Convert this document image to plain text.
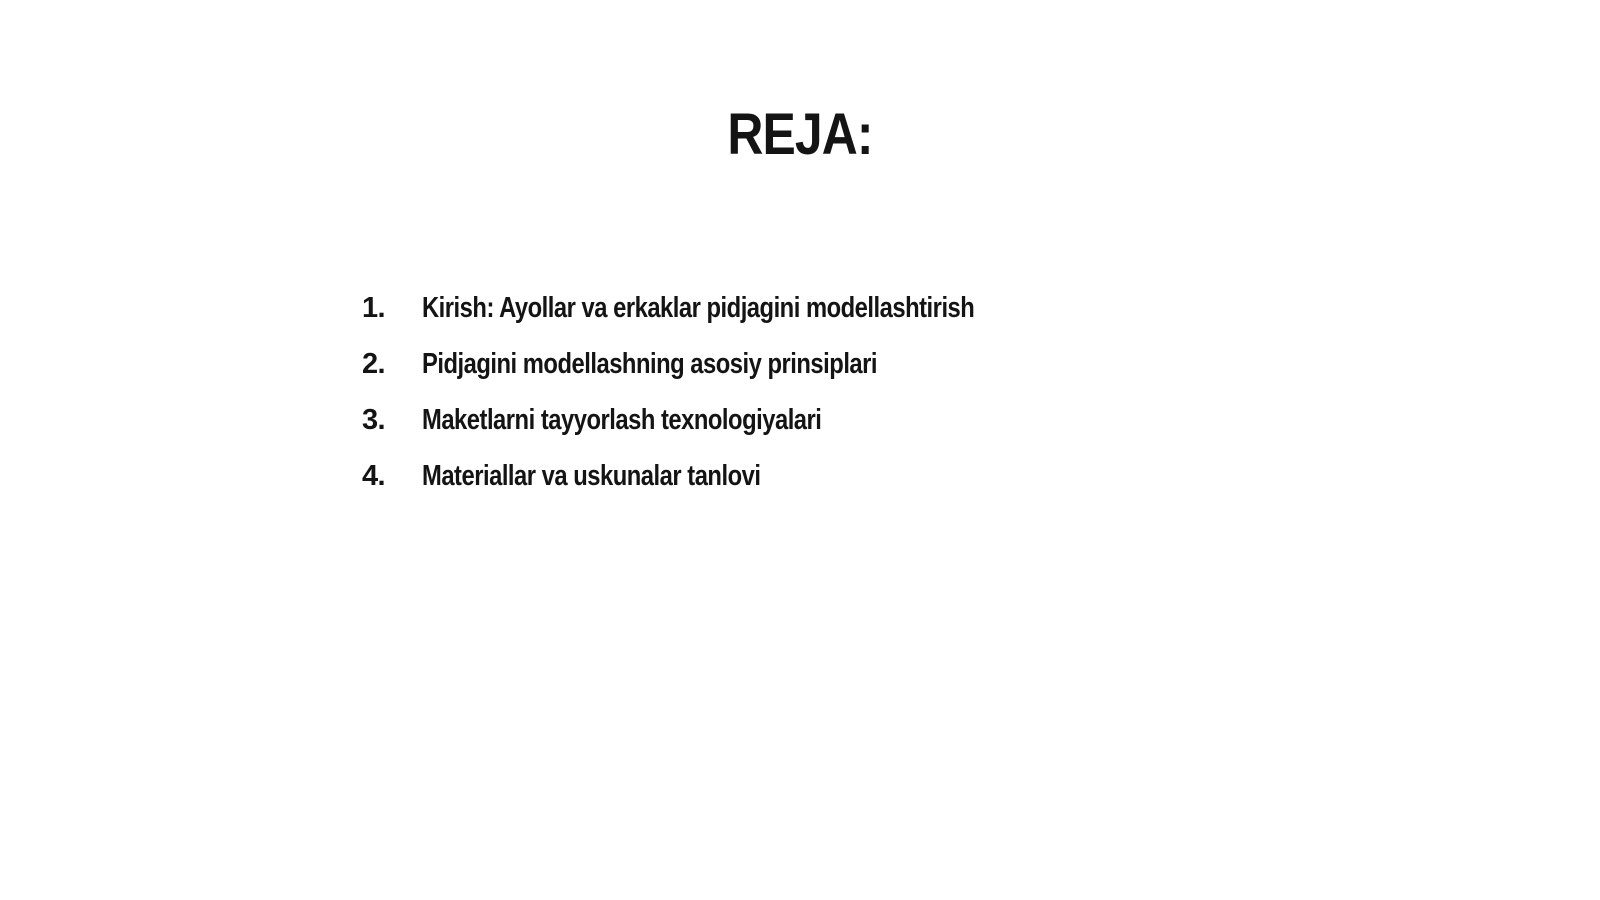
REJA:
1.	Kirish: Ayollar va erkaklar pidjagini modellashtirish
2.	Pidjagini modellashning asosiy prinsiplari
3.	Maketlarni tayyorlash texnologiyalari
4.	Materiallar va uskunalar tanlovi
